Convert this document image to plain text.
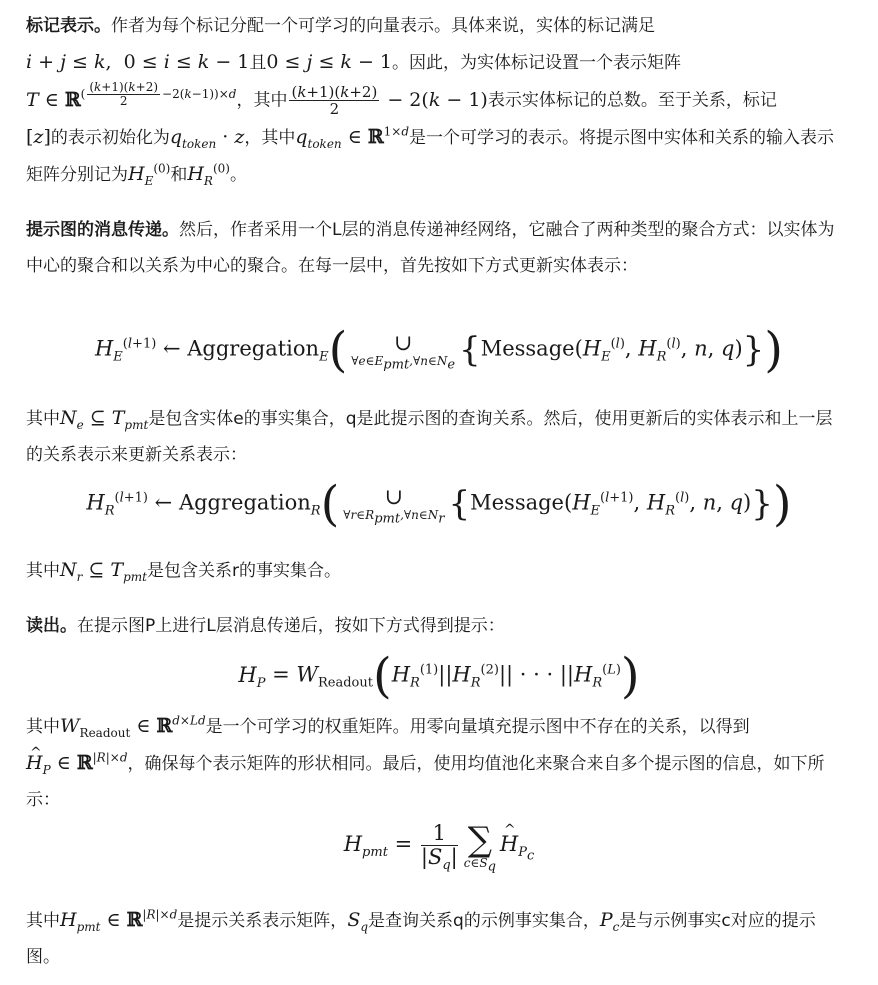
标记表示。作者为每个标记分配一个可学习的向量表示。具体来说，实体的标记满足
i + j ≤ k,  0 ≤ i ≤ k − 1且0 ≤ j ≤ k − 1。因此，为实体标记设置一个表示矩阵
T ∈ ℝ$^{( \frac{(k+1)(k+2)}{2} -2(k-1))\times d}$，其中 $\frac{(k+1)(k+2)}{2} - 2(k - 1)$表示实体标记的总数。至于关系，标记
[z]的表示初始化为$q_{token} \cdot z$，其中$q_{token}$ ∈ ℝ$^{1\times d}$是一个可学习的表示。将提示图中实体和关系的输入表示矩阵分别记为$H_E^{(0)}$和$H_R^{(0)}$。

提示图的消息传递。然后，作者采用一个L层的消息传递神经网络，它融合了两种类型的聚合方式：以实体为中心的聚合和以关系为中心的聚合。在每一层中，首先按如下方式更新实体表示：

$H_E^{(l+1)}$ ← Aggregation$_E$(	∪
$\forall e\in E_{pmt},\forall n\in N_e$ {$Message(H_E^{(l)}$, $H_R^{(l)}$, n, q)})

其中$N_e$ ⊆ $T_{pmt}$是包含实体e的事实集合，q是此提示图的查询关系。然后，使用更新后的实体表示和上一层的关系表示来更新关系表示：

$H_R^{(l+1)}$ ← Aggregation$_R$(	∪
$\forall r\in R_{pmt},\forall n\in N_r$ {$Message(H_E^{(l+1)}$, $H_R^{(l)}$, n, q)})

其中$N_r$ ⊆ $T_{pmt}$是包含关系r的事实集合。

读出。在提示图P上进行L层消息传递后，按如下方式得到提示：

$H_P = W_{Readout}(H_R^{(1)}||H_R^{(2)}||$ · · · $||H_R^{(L)}$)

其中$W_{Readout}$ ∈ ℝ$^{d\times Ld}$是一个可学习的权重矩阵。用零向量填充提示图中不存在的关系，以得到^ $H_P$ ∈ ℝ$^{|R|\times d}$，确保每个表示矩阵的形状相同。最后，使用均值池化来聚合来自多个提示图的信息，如下所示：

$H_{pmt} = \frac{1}{|S_q|}$ ∑
$c\in S_q$
^ $H_{P_c}$

其中$H_{pmt}$ ∈ ℝ$^{|R|\times d}$是提示关系表示矩阵，$S_q$是查询关系q的示例事实集合，$P_c$是与示例事实c对应的提示图。
